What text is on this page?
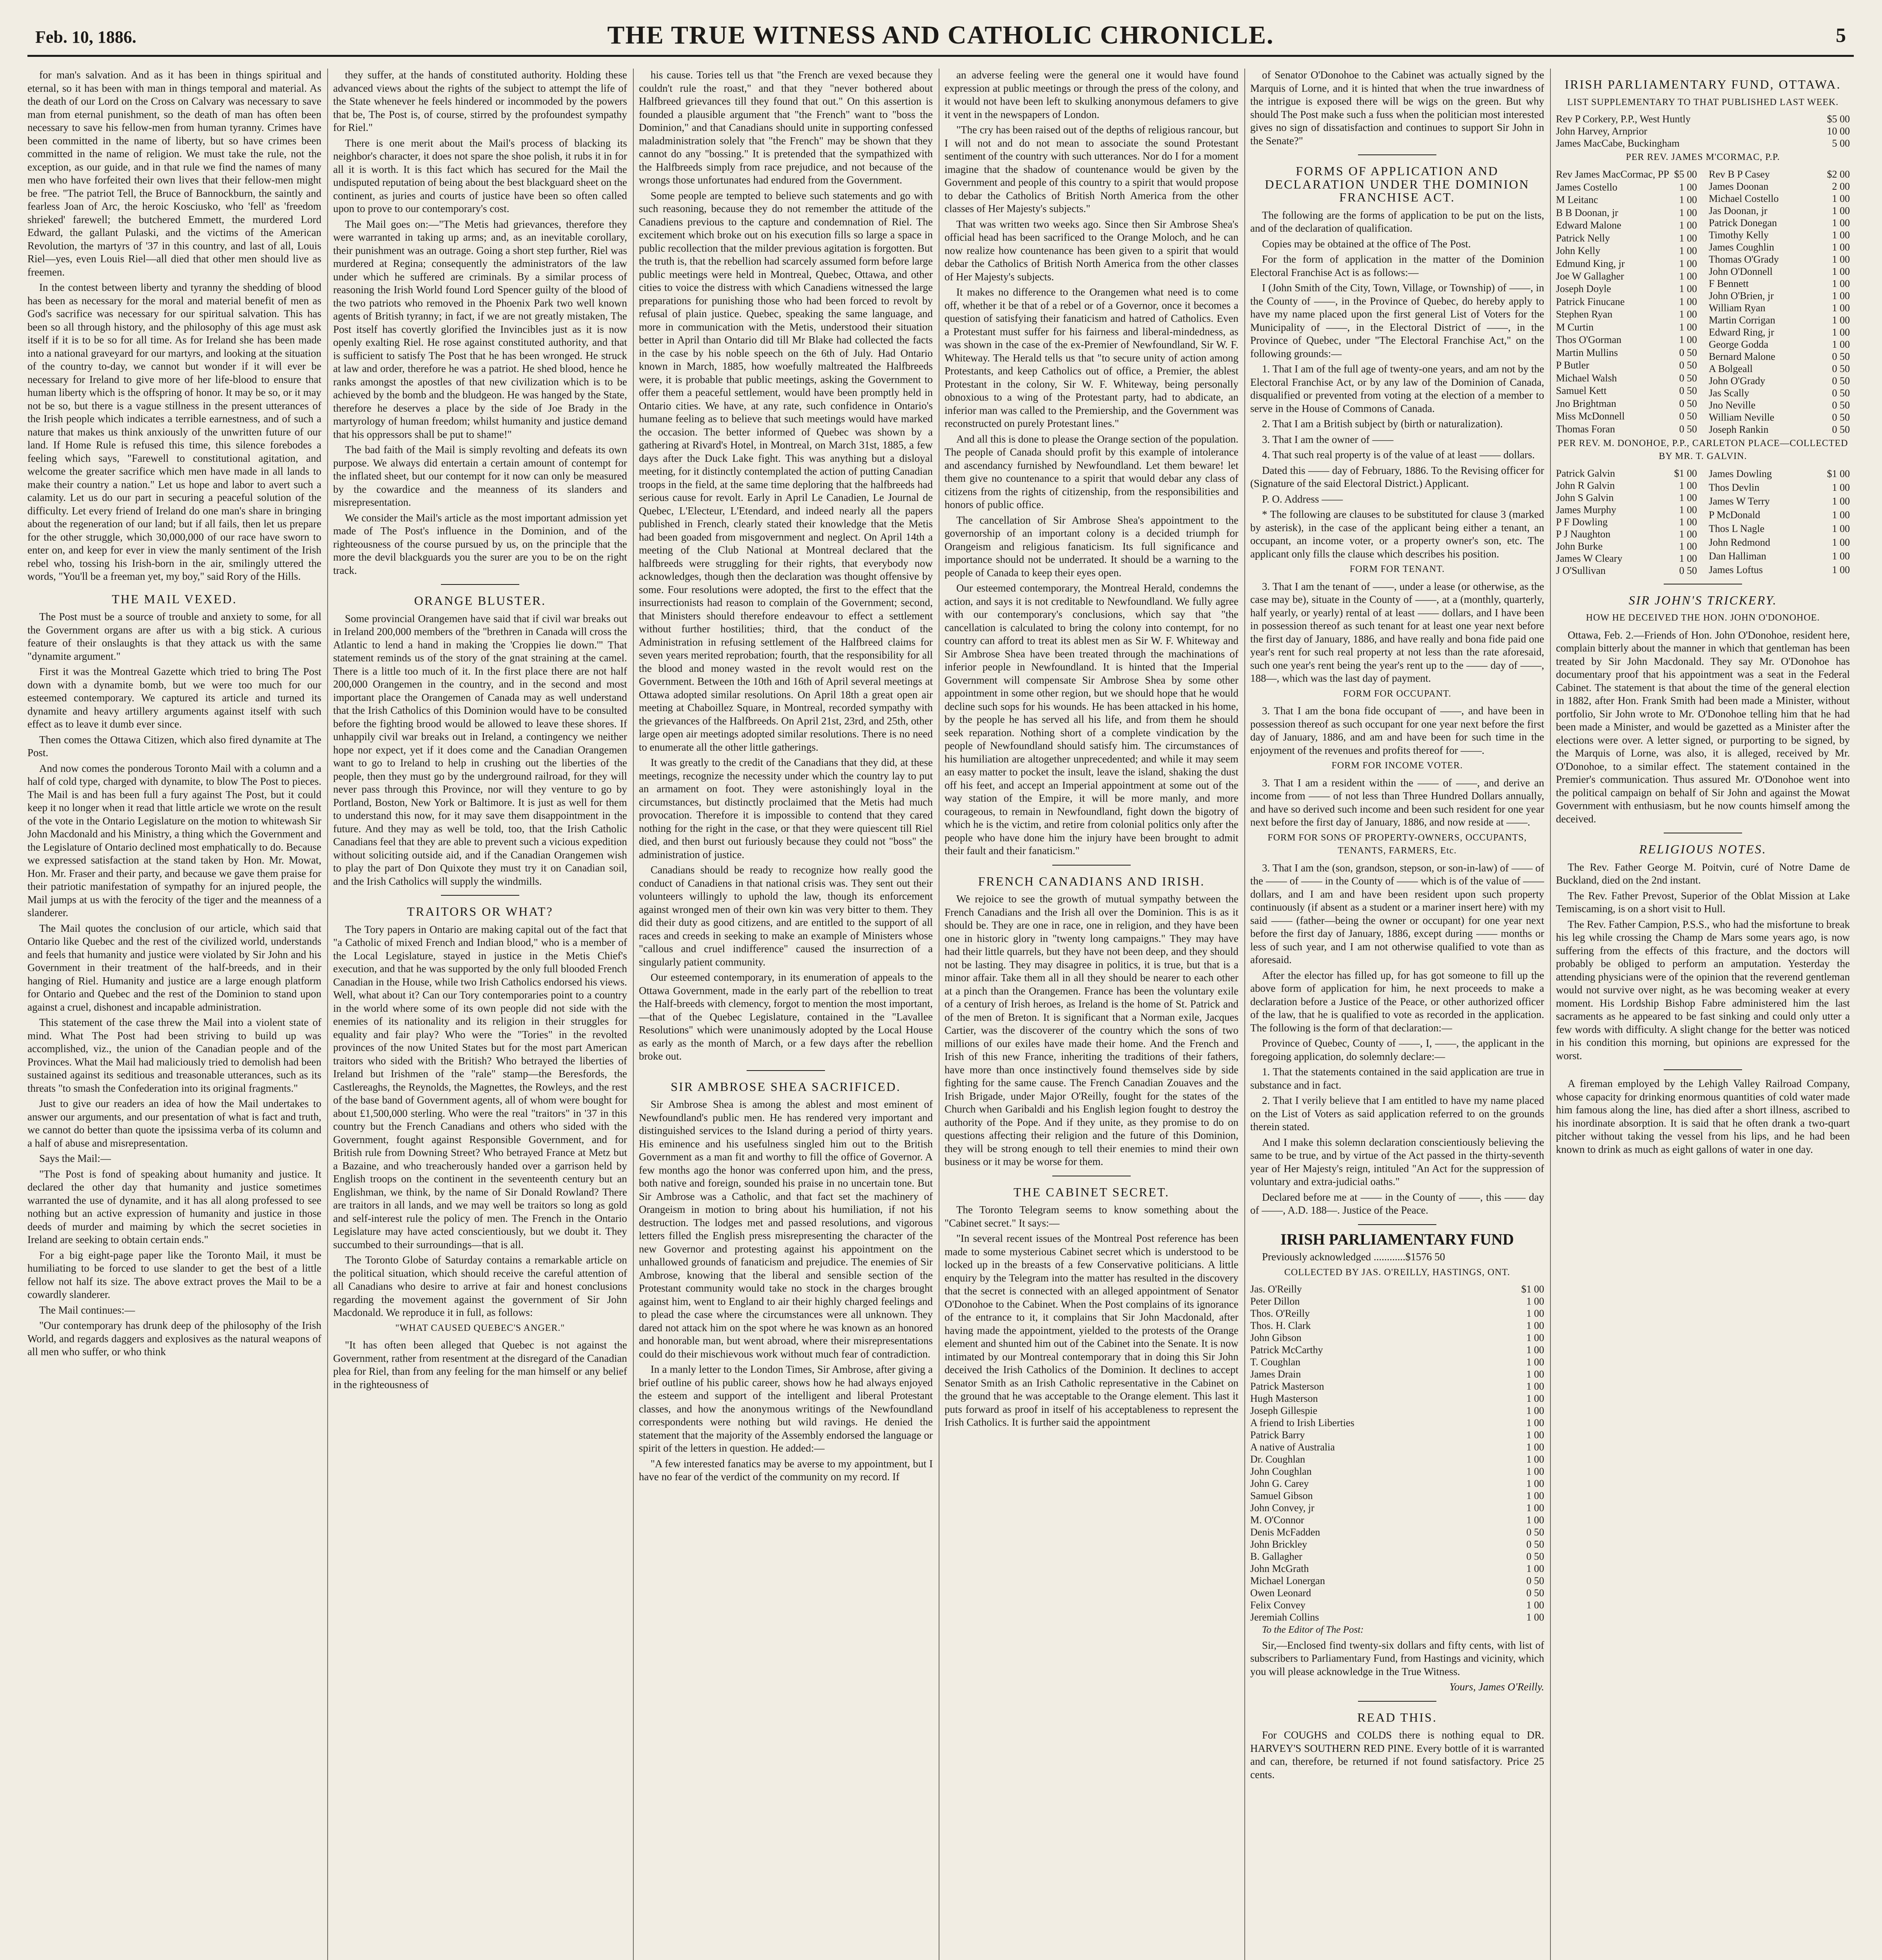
Feb. 10, 1886.	THE TRUE WITNESS AND CATHOLIC CHRONICLE.	5

for man's salvation. And as it has been in things spiritual and eternal, so it has been with man in things temporal and material. As the death of our Lord on the Cross on Calvary was necessary to save man from eternal punishment, so the death of man has often been necessary to save his fellow-men from human tyranny. Crimes have been committed in the name of liberty, but so have crimes been committed in the name of religion. We must take the rule, not the exception, as our guide, and in that rule we find the names of many men who have forfeited their own lives that their fellow-men might be free. "The patriot Tell, the Bruce of Bannockburn, the saintly and fearless Joan of Arc, the heroic Kosciusko, who 'fell' as 'freedom shrieked' farewell; the butchered Emmett, the murdered Lord Edward, the gallant Pulaski, and the victims of the American Revolution, the martyrs of '37 in this country, and last of all, Louis Riel—yes, even Louis Riel—all died that other men should live as freemen.

In the contest between liberty and tyranny the shedding of blood has been as necessary for the moral and material benefit of men as God's sacrifice was necessary for our spiritual salvation. This has been so all through history, and the philosophy of this age must ask itself if it is to be so for all time. As for Ireland she has been made into a national graveyard for our martyrs, and looking at the situation of the country to-day, we cannot but wonder if it will ever be necessary for Ireland to give more of her life-blood to ensure that human liberty which is the offspring of honor. It may be so, or it may not be so, but there is a vague stillness in the present utterances of the Irish people which indicates a terrible earnestness, and of such a nature that makes us think anxiously of the unwritten future of our land. If Home Rule is refused this time, this silence forebodes a feeling which says, "Farewell to constitutional agitation, and welcome the greater sacrifice which men have made in all lands to make their country a nation." Let us hope and labor to avert such a calamity. Let us do our part in securing a peaceful solution of the difficulty. Let every friend of Ireland do one man's share in bringing about the regeneration of our land; but if all fails, then let us prepare for the other struggle, which 30,000,000 of our race have sworn to enter on, and keep for ever in view the manly sentiment of the Irish rebel who, tossing his Irish-born in the air, smilingly uttered the words, "You'll be a freeman yet, my boy," said Rory of the Hills.

THE MAIL VEXED.

The Post must be a source of trouble and anxiety to some, for all the Government organs are after us with a big stick. A curious feature of their onslaughts is that they attack us with the same "dynamite argument."

First it was the Montreal Gazette which tried to bring The Post down with a dynamite bomb, but we were too much for our esteemed contemporary. We captured its article and turned its dynamite and heavy artillery arguments against itself with such effect as to leave it dumb ever since.

Then comes the Ottawa Citizen, which also fired dynamite at The Post.

And now comes the ponderous Toronto Mail with a column and a half of cold type, charged with dynamite, to blow The Post to pieces. The Mail is and has been full a fury against The Post, but it could keep it no longer when it read that little article we wrote on the result of the vote in the Ontario Legislature on the motion to whitewash Sir John Macdonald and his Ministry, a thing which the Government and the Legislature of Ontario declined most emphatically to do. Because we expressed satisfaction at the stand taken by Hon. Mr. Mowat, Hon. Mr. Fraser and their party, and because we gave them praise for their patriotic manifestation of sympathy for an injured people, the Mail jumps at us with the ferocity of the tiger and the meanness of a slanderer.

The Mail quotes the conclusion of our article, which said that Ontario like Quebec and the rest of the civilized world, understands and feels that humanity and justice were violated by Sir John and his Government in their treatment of the half-breeds, and in their hanging of Riel. Humanity and justice are a large enough platform for Ontario and Quebec and the rest of the Dominion to stand upon against a cruel, dishonest and incapable administration.

This statement of the case threw the Mail into a violent state of mind. What The Post had been striving to build up was accomplished, viz., the union of the Canadian people and of the Provinces. What the Mail had maliciously tried to demolish had been sustained against its seditious and treasonable utterances, such as its threats "to smash the Confederation into its original fragments."

Just to give our readers an idea of how the Mail undertakes to answer our arguments, and our presentation of what is fact and truth, we cannot do better than quote the ipsissima verba of its column and a half of abuse and misrepresentation.

Says the Mail:—

"The Post is fond of speaking about humanity and justice. It declared the other day that humanity and justice sometimes warranted the use of dynamite, and it has all along professed to see nothing but an active expression of humanity and justice in those deeds of murder and maiming by which the secret societies in Ireland are seeking to obtain certain ends."

For a big eight-page paper like the Toronto Mail, it must be humiliating to be forced to use slander to get the best of a little fellow not half its size. The above extract proves the Mail to be a cowardly slanderer.

The Mail continues:—

"Our contemporary has drunk deep of the philosophy of the Irish World, and regards daggers and explosives as the natural weapons of all men who suffer, or who think

they suffer, at the hands of constituted authority. Holding these advanced views about the rights of the subject to attempt the life of the State whenever he feels hindered or incommoded by the powers that be, The Post is, of course, stirred by the profoundest sympathy for Riel."

There is one merit about the Mail's process of blacking its neighbor's character, it does not spare the shoe polish, it rubs it in for all it is worth. It is this fact which has secured for the Mail the undisputed reputation of being about the best blackguard sheet on the continent, as juries and courts of justice have been so often called upon to prove to our contemporary's cost.

The Mail goes on:—"The Metis had grievances, therefore they were warranted in taking up arms; and, as an inevitable corollary, their punishment was an outrage. Going a short step further, Riel was murdered at Regina; consequently the administrators of the law under which he suffered are criminals. By a similar process of reasoning the Irish World found Lord Spencer guilty of the blood of the two patriots who removed in the Phoenix Park two well known agents of British tyranny; in fact, if we are not greatly mistaken, The Post itself has covertly glorified the Invincibles just as it is now openly exalting Riel. He rose against constituted authority, and that is sufficient to satisfy The Post that he has been wronged. He struck at law and order, therefore he was a patriot. He shed blood, hence he ranks amongst the apostles of that new civilization which is to be achieved by the bomb and the bludgeon. He was hanged by the State, therefore he deserves a place by the side of Joe Brady in the martyrology of human freedom; whilst humanity and justice demand that his oppressors shall be put to shame!"

The bad faith of the Mail is simply revolting and defeats its own purpose. We always did entertain a certain amount of contempt for the inflated sheet, but our contempt for it now can only be measured by the cowardice and the meanness of its slanders and misrepresentation.

We consider the Mail's article as the most important admission yet made of The Post's influence in the Dominion, and of the righteousness of the course pursued by us, on the principle that the more the devil blackguards you the surer are you to be on the right track.

ORANGE BLUSTER.

Some provincial Orangemen have said that if civil war breaks out in Ireland 200,000 members of the "brethren in Canada will cross the Atlantic to lend a hand in making the 'Croppies lie down.'" That statement reminds us of the story of the gnat straining at the camel. There is a little too much of it. In the first place there are not half 200,000 Orangemen in the country, and in the second and most important place the Orangemen of Canada may as well understand that the Irish Catholics of this Dominion would have to be consulted before the fighting brood would be allowed to leave these shores. If unhappily civil war breaks out in Ireland, a contingency we neither hope nor expect, yet if it does come and the Canadian Orangemen want to go to Ireland to help in crushing out the liberties of the people, then they must go by the underground railroad, for they will never pass through this Province, nor will they venture to go by Portland, Boston, New York or Baltimore. It is just as well for them to understand this now, for it may save them disappointment in the future. And they may as well be told, too, that the Irish Catholic Canadians feel that they are able to prevent such a vicious expedition without soliciting outside aid, and if the Canadian Orangemen wish to play the part of Don Quixote they must try it on Canadian soil, and the Irish Catholics will supply the windmills.

TRAITORS OR WHAT?

The Tory papers in Ontario are making capital out of the fact that "a Catholic of mixed French and Indian blood," who is a member of the Local Legislature, stayed in justice in the Metis Chief's execution, and that he was supported by the only full blooded French Canadian in the House, while two Irish Catholics endorsed his views. Well, what about it? Can our Tory contemporaries point to a country in the world where some of its own people did not side with the enemies of its nationality and its religion in their struggles for equality and fair play? Who were the "Tories" in the revolted provinces of the now United States but for the most part American traitors who sided with the British? Who betrayed the liberties of Ireland but Irishmen of the "rale" stamp—the Beresfords, the Castlereaghs, the Reynolds, the Magnettes, the Rowleys, and the rest of the base band of Government agents, all of whom were bought for about £1,500,000 sterling. Who were the real "traitors" in '37 in this country but the French Canadians and others who sided with the Government, fought against Responsible Government, and for British rule from Downing Street? Who betrayed France at Metz but a Bazaine, and who treacherously handed over a garrison held by English troops on the continent in the seventeenth century but an Englishman, we think, by the name of Sir Donald Rowland? There are traitors in all lands, and we may well be traitors so long as gold and self-interest rule the policy of men. The French in the Ontario Legislature may have acted conscientiously, but we doubt it. They succumbed to their surroundings—that is all.

The Toronto Globe of Saturday contains a remarkable article on the political situation, which should receive the careful attention of all Canadians who desire to arrive at fair and honest conclusions regarding the movement against the government of Sir John Macdonald. We reproduce it in full, as follows:

"WHAT CAUSED QUEBEC'S ANGER."

"It has often been alleged that Quebec is not against the Government, rather from resentment at the disregard of the Canadian plea for Riel, than from any feeling for the man himself or any belief in the righteousness of

his cause. Tories tell us that "the French are vexed because they couldn't rule the roast," and that they "never bothered about Halfbreed grievances till they found that out." On this assertion is founded a plausible argument that "the French" want to "boss the Dominion," and that Canadians should unite in supporting confessed maladministration solely that "the French" may be shown that they cannot do any "bossing." It is pretended that the sympathized with the Halfbreeds simply from race prejudice, and not because of the wrongs those unfortunates had endured from the Government.

Some people are tempted to believe such statements and go with such reasoning, because they do not remember the attitude of the Canadiens previous to the capture and condemnation of Riel. The excitement which broke out on his execution fills so large a space in public recollection that the milder previous agitation is forgotten. But the truth is, that the rebellion had scarcely assumed form before large public meetings were held in Montreal, Quebec, Ottawa, and other cities to voice the distress with which Canadiens witnessed the large preparations for punishing those who had been forced to revolt by refusal of plain justice. Quebec, speaking the same language, and more in communication with the Metis, understood their situation better in April than Ontario did till Mr Blake had collected the facts in the case by his noble speech on the 6th of July. Had Ontario known in March, 1885, how woefully maltreated the Halfbreeds were, it is probable that public meetings, asking the Government to offer them a peaceful settlement, would have been promptly held in Ontario cities. We have, at any rate, such confidence in Ontario's humane feeling as to believe that such meetings would have marked the occasion. The better informed of Quebec was shown by a gathering at Rivard's Hotel, in Montreal, on March 31st, 1885, a few days after the Duck Lake fight. This was anything but a disloyal meeting, for it distinctly contemplated the action of putting Canadian troops in the field, at the same time deploring that the halfbreeds had serious cause for revolt. Early in April Le Canadien, Le Journal de Quebec, L'Electeur, L'Etendard, and indeed nearly all the papers published in French, clearly stated their knowledge that the Metis had been goaded from misgovernment and neglect. On April 14th a meeting of the Club National at Montreal declared that the halfbreeds were struggling for their rights, that everybody now acknowledges, though then the declaration was thought offensive by some. Four resolutions were adopted, the first to the effect that the insurrectionists had reason to complain of the Government; second, that Ministers should therefore endeavour to effect a settlement without further hostilities; third, that the conduct of the Administration in refusing settlement of the Halfbreed claims for seven years merited reprobation; fourth, that the responsibility for all the blood and money wasted in the revolt would rest on the Government. Between the 10th and 16th of April several meetings at Ottawa adopted similar resolutions. On April 18th a great open air meeting at Chaboillez Square, in Montreal, recorded sympathy with the grievances of the Halfbreeds. On April 21st, 23rd, and 25th, other large open air meetings adopted similar resolutions. There is no need to enumerate all the other little gatherings.

It was greatly to the credit of the Canadians that they did, at these meetings, recognize the necessity under which the country lay to put an armament on foot. They were astonishingly loyal in the circumstances, but distinctly proclaimed that the Metis had much provocation. Therefore it is impossible to contend that they cared nothing for the right in the case, or that they were quiescent till Riel died, and then burst out furiously because they could not "boss" the administration of justice.

Canadians should be ready to recognize how really good the conduct of Canadiens in that national crisis was. They sent out their volunteers willingly to uphold the law, though its enforcement against wronged men of their own kin was very bitter to them. They did their duty as good citizens, and are entitled to the support of all races and creeds in seeking to make an example of Ministers whose "callous and cruel indifference" caused the insurrection of a singularly patient community.

Our esteemed contemporary, in its enumeration of appeals to the Ottawa Government, made in the early part of the rebellion to treat the Half-breeds with clemency, forgot to mention the most important,—that of the Quebec Legislature, contained in the "Lavallee Resolutions" which were unanimously adopted by the Local House as early as the month of March, or a few days after the rebellion broke out.

SIR AMBROSE SHEA SACRIFICED.

Sir Ambrose Shea is among the ablest and most eminent of Newfoundland's public men. He has rendered very important and distinguished services to the Island during a period of thirty years. His eminence and his usefulness singled him out to the British Government as a man fit and worthy to fill the office of Governor. A few months ago the honor was conferred upon him, and the press, both native and foreign, sounded his praise in no uncertain tone. But Sir Ambrose was a Catholic, and that fact set the machinery of Orangeism in motion to bring about his humiliation, if not his destruction. The lodges met and passed resolutions, and vigorous letters filled the English press misrepresenting the character of the new Governor and protesting against his appointment on the unhallowed grounds of fanaticism and prejudice. The enemies of Sir Ambrose, knowing that the liberal and sensible section of the Protestant community would take no stock in the charges brought against him, went to England to air their highly charged feelings and to plead the case where the circumstances were all unknown. They dared not attack him on the spot where he was known as an honored and honorable man, but went abroad, where their misrepresentations could do their mischievous work without much fear of contradiction.

In a manly letter to the London Times, Sir Ambrose, after giving a brief outline of his public career, shows how he had always enjoyed the esteem and support of the intelligent and liberal Protestant classes, and how the anonymous writings of the Newfoundland correspondents were nothing but wild ravings. He denied the statement that the majority of the Assembly endorsed the language or spirit of the letters in question. He added:—

"A few interested fanatics may be averse to my appointment, but I have no fear of the verdict of the community on my record. If

an adverse feeling were the general one it would have found expression at public meetings or through the press of the colony, and it would not have been left to skulking anonymous defamers to give it vent in the newspapers of London.

"The cry has been raised out of the depths of religious rancour, but I will not and do not mean to associate the sound Protestant sentiment of the country with such utterances. Nor do I for a moment imagine that the shadow of countenance would be given by the Government and people of this country to a spirit that would propose to debar the Catholics of British North America from the other classes of Her Majesty's subjects."

That was written two weeks ago. Since then Sir Ambrose Shea's official head has been sacrificed to the Orange Moloch, and he can now realize how countenance has been given to a spirit that would debar the Catholics of British North America from the other classes of Her Majesty's subjects.

It makes no difference to the Orangemen what need is to come off, whether it be that of a rebel or of a Governor, once it becomes a question of satisfying their fanaticism and hatred of Catholics. Even a Protestant must suffer for his fairness and liberal-mindedness, as was shown in the case of the ex-Premier of Newfoundland, Sir W. F. Whiteway. The Herald tells us that "to secure unity of action among Protestants, and keep Catholics out of office, a Premier, the ablest Protestant in the colony, Sir W. F. Whiteway, being personally obnoxious to a wing of the Protestant party, had to abdicate, an inferior man was called to the Premiership, and the Government was reconstructed on purely Protestant lines."

And all this is done to please the Orange section of the population. The people of Canada should profit by this example of intolerance and ascendancy furnished by Newfoundland. Let them beware! let them give no countenance to a spirit that would debar any class of citizens from the rights of citizenship, from the responsibilities and honors of public office.

The cancellation of Sir Ambrose Shea's appointment to the governorship of an important colony is a decided triumph for Orangeism and religious fanaticism. Its full significance and importance should not be underrated. It should be a warning to the people of Canada to keep their eyes open.

Our esteemed contemporary, the Montreal Herald, condemns the action, and says it is not creditable to Newfoundland. We fully agree with our contemporary's conclusions, which say that "the cancellation is calculated to bring the colony into contempt, for no country can afford to treat its ablest men as Sir W. F. Whiteway and Sir Ambrose Shea have been treated through the machinations of inferior people in Newfoundland. It is hinted that the Imperial Government will compensate Sir Ambrose Shea by some other appointment in some other region, but we should hope that he would decline such sops for his wounds. He has been attacked in his home, by the people he has served all his life, and from them he should seek reparation. Nothing short of a complete vindication by the people of Newfoundland should satisfy him. The circumstances of his humiliation are altogether unprecedented; and while it may seem an easy matter to pocket the insult, leave the island, shaking the dust off his feet, and accept an Imperial appointment at some out of the way station of the Empire, it will be more manly, and more courageous, to remain in Newfoundland, fight down the bigotry of which he is the victim, and retire from colonial politics only after the people who have done him the injury have been brought to admit their fault and their fanaticism."

FRENCH CANADIANS AND IRISH.

We rejoice to see the growth of mutual sympathy between the French Canadians and the Irish all over the Dominion. This is as it should be. They are one in race, one in religion, and they have been one in historic glory in "twenty long campaigns." They may have had their little quarrels, but they have not been deep, and they should not be lasting. They may disagree in politics, it is true, but that is a minor affair. Take them all in all they should be nearer to each other at a pinch than the Orangemen. France has been the voluntary exile of a century of Irish heroes, as Ireland is the home of St. Patrick and of the men of Breton. It is significant that a Norman exile, Jacques Cartier, was the discoverer of the country which the sons of two millions of our exiles have made their home. And the French and Irish of this new France, inheriting the traditions of their fathers, have more than once instinctively found themselves side by side fighting for the same cause. The French Canadian Zouaves and the Irish Brigade, under Major O'Reilly, fought for the states of the Church when Garibaldi and his English legion fought to destroy the authority of the Pope. And if they unite, as they promise to do on questions affecting their religion and the future of this Dominion, they will be strong enough to tell their enemies to mind their own business or it may be worse for them.

THE CABINET SECRET.

The Toronto Telegram seems to know something about the "Cabinet secret." It says:—

"In several recent issues of the Montreal Post reference has been made to some mysterious Cabinet secret which is understood to be locked up in the breasts of a few Conservative politicians. A little enquiry by the Telegram into the matter has resulted in the discovery that the secret is connected with an alleged appointment of Senator O'Donohoe to the Cabinet. When the Post complains of its ignorance of the entrance to it, it complains that Sir John Macdonald, after having made the appointment, yielded to the protests of the Orange element and shunted him out of the Cabinet into the Senate. It is now intimated by our Montreal contemporary that in doing this Sir John deceived the Irish Catholics of the Dominion. It declines to accept Senator Smith as an Irish Catholic representative in the Cabinet on the ground that he was acceptable to the Orange element. This last it puts forward as proof in itself of his acceptableness to represent the Irish Catholics. It is further said the appointment

of Senator O'Donohoe to the Cabinet was actually signed by the Marquis of Lorne, and it is hinted that when the true inwardness of the intrigue is exposed there will be wigs on the green. But why should The Post make such a fuss when the politician most interested gives no sign of dissatisfaction and continues to support Sir John in the Senate?"

FORMS OF APPLICATION AND DECLARATION UNDER THE DOMINION FRANCHISE ACT.

The following are the forms of application to be put on the lists, and of the declaration of qualification.

Copies may be obtained at the office of The Post.

For the form of application in the matter of the Dominion Electoral Franchise Act is as follows:—

I (John Smith of the City, Town, Village, or Township) of ——, in the County of ——, in the Province of Quebec, do hereby apply to have my name placed upon the first general List of Voters for the Municipality of ——, in the Electoral District of ——, in the Province of Quebec, under "The Electoral Franchise Act," on the following grounds:—

1. That I am of the full age of twenty-one years, and am not by the Electoral Franchise Act, or by any law of the Dominion of Canada, disqualified or prevented from voting at the election of a member to serve in the House of Commons of Canada.

2. That I am a British subject by (birth or naturalization).

3. That I am the owner of ——

4. That such real property is of the value of at least —— dollars.

Dated this —— day of February, 1886. To the Revising officer for (Signature of the said Electoral District.) Applicant.

P. O. Address ——

* The following are clauses to be substituted for clause 3 (marked by asterisk), in the case of the applicant being either a tenant, an occupant, an income voter, or a property owner's son, etc. The applicant only fills the clause which describes his position.

FORM FOR TENANT.

3. That I am the tenant of ——, under a lease (or otherwise, as the case may be), situate in the County of ——, at a (monthly, quarterly, half yearly, or yearly) rental of at least —— dollars, and I have been in possession thereof as such tenant for at least one year next before the first day of January, 1886, and have really and bona fide paid one year's rent for such real property at not less than the rate aforesaid, such one year's rent being the year's rent up to the —— day of ——, 188—, which was the last day of payment.

FORM FOR OCCUPANT.

3. That I am the bona fide occupant of ——, and have been in possession thereof as such occupant for one year next before the first day of January, 1886, and am and have been for such time in the enjoyment of the revenues and profits thereof for ——.

FORM FOR INCOME VOTER.

3. That I am a resident within the —— of ——, and derive an income from —— of not less than Three Hundred Dollars annually, and have so derived such income and been such resident for one year next before the first day of January, 1886, and now reside at ——.

FORM FOR SONS OF PROPERTY-OWNERS, OCCUPANTS, TENANTS, FARMERS, Etc.

3. That I am the (son, grandson, stepson, or son-in-law) of —— of the —— of —— in the County of —— which is of the value of —— dollars, and I am and have been resident upon such property continuously (if absent as a student or a mariner insert here) with my said —— (father—being the owner or occupant) for one year next before the first day of January, 1886, except during —— months or less of such year, and I am not otherwise qualified to vote than as aforesaid.

After the elector has filled up, for has got someone to fill up the above form of application for him, he next proceeds to make a declaration before a Justice of the Peace, or other authorized officer of the law, that he is qualified to vote as recorded in the application. The following is the form of that declaration:—

Province of Quebec, County of ——, I, ——, the applicant in the foregoing application, do solemnly declare:—

1. That the statements contained in the said application are true in substance and in fact.

2. That I verily believe that I am entitled to have my name placed on the List of Voters as said application referred to on the grounds therein stated.

And I make this solemn declaration conscientiously believing the same to be true, and by virtue of the Act passed in the thirty-seventh year of Her Majesty's reign, intituled "An Act for the suppression of voluntary and extra-judicial oaths."

Declared before me at —— in the County of ——, this —— day of ——, A.D. 188—. Justice of the Peace.

IRISH PARLIAMENTARY FUND

Previously acknowledged ............$1576 50

COLLECTED BY JAS. O'REILLY, HASTINGS, ONT.
Jas. O'Reilly	$1 00
Peter Dillon	1 00
Thos. O'Reilly	1 00
Thos. H. Clark	1 00
John Gibson	1 00
Patrick McCarthy	1 00
T. Coughlan	1 00
James Drain	1 00
Patrick Masterson	1 00
Hugh Masterson	1 00
Joseph Gillespie	1 00
A friend to Irish Liberties	1 00
Patrick Barry	1 00
A native of Australia	1 00
Dr. Coughlan	1 00
John Coughlan	1 00
John G. Carey	1 00
Samuel Gibson	1 00
John Convey, jr	1 00
M. O'Connor	1 00
Denis McFadden	0 50
John Brickley	0 50
B. Gallagher	0 50
John McGrath	1 00
Michael Lonergan	0 50
Owen Leonard	0 50
Felix Convey	1 00
Jeremiah Collins	1 00

To the Editor of The Post:

Sir,—Enclosed find twenty-six dollars and fifty cents, with list of subscribers to Parliamentary Fund, from Hastings and vicinity, which you will please acknowledge in the True Witness.

Yours, James O'Reilly.

READ THIS.

For COUGHS and COLDS there is nothing equal to DR. HARVEY'S SOUTHERN RED PINE. Every bottle of it is warranted and can, therefore, be returned if not found satisfactory. Price 25 cents.

IRISH PARLIAMENTARY FUND, OTTAWA.
LIST SUPPLEMENTARY TO THAT PUBLISHED LAST WEEK.
Rev P Corkery, P.P., West Huntly	$5 00
John Harvey, Arnprior	10 00
James MacCabe, Buckingham	5 00
PER REV. JAMES M'CORMAC, P.P.
Rev James MacCormac, PP	$5 00
James Costello	1 00
M Leitanc	1 00
B B Doonan, jr	1 00
Edward Malone	1 00
Patrick Nelly	1 00
John Kelly	1 00
Edmund King, jr	1 00
Joe W Gallagher	1 00
Joseph Doyle	1 00
Patrick Finucane	1 00
Stephen Ryan	1 00
M Curtin	1 00
Thos O'Gorman	1 00
Martin Mullins	0 50
P Butler	0 50
Michael Walsh	0 50
Samuel Kett	0 50
Jno Brightman	0 50
Miss McDonnell	0 50
Thomas Foran	0 50
Rev B P Casey	$2 00
James Doonan	2 00
Michael Costello	1 00
Jas Doonan, jr	1 00
Patrick Donegan	1 00
Timothy Kelly	1 00
James Coughlin	1 00
Thomas O'Grady	1 00
John O'Donnell	1 00
F Bennett	1 00
John O'Brien, jr	1 00
William Ryan	1 00
Martin Corrigan	1 00
Edward Ring, jr	1 00
George Godda	1 00
Bernard Malone	0 50
A Bolgeall	0 50
John O'Grady	0 50
Jas Scally	0 50
Jno Neville	0 50
William Neville	0 50
Joseph Rankin	0 50
PER REV. M. DONOHOE, P.P., CARLETON PLACE—COLLECTED BY MR. T. GALVIN.
Patrick Galvin	$1 00
John R Galvin	1 00
John S Galvin	1 00
James Murphy	1 00
P F Dowling	1 00
P J Naughton	1 00
John Burke	1 00
James W Cleary	1 00
J O'Sullivan	0 50
James Dowling	$1 00
Thos Devlin	1 00
James W Terry	1 00
P McDonald	1 00
Thos L Nagle	1 00
John Redmond	1 00
Dan Halliman	1 00
James Loftus	1 00
SIR JOHN'S TRICKERY.
HOW HE DECEIVED THE HON. JOHN O'DONOHOE.

Ottawa, Feb. 2.—Friends of Hon. John O'Donohoe, resident here, complain bitterly about the manner in which that gentleman has been treated by Sir John Macdonald. They say Mr. O'Donohoe has documentary proof that his appointment was a seat in the Federal Cabinet. The statement is that about the time of the general election in 1882, after Hon. Frank Smith had been made a Minister, without portfolio, Sir John wrote to Mr. O'Donohoe telling him that he had been made a Minister, and would be gazetted as a Minister after the elections were over. A letter signed, or purporting to be signed, by the Marquis of Lorne, was also, it is alleged, received by Mr. O'Donohoe, to a similar effect. The statement contained in the Premier's communication. Thus assured Mr. O'Donohoe went into the political campaign on behalf of Sir John and against the Mowat Government with enthusiasm, but he now counts himself among the deceived.

RELIGIOUS NOTES.

The Rev. Father George M. Poitvin, curé of Notre Dame de Buckland, died on the 2nd instant.

The Rev. Father Prevost, Superior of the Oblat Mission at Lake Temiscaming, is on a short visit to Hull.

The Rev. Father Campion, P.S.S., who had the misfortune to break his leg while crossing the Champ de Mars some years ago, is now suffering from the effects of this fracture, and the doctors will probably be obliged to perform an amputation. Yesterday the attending physicians were of the opinion that the reverend gentleman would not survive over night, as he was becoming weaker at every moment. His Lordship Bishop Fabre administered him the last sacraments as he appeared to be fast sinking and could only utter a few words with difficulty. A slight change for the better was noticed in his condition this morning, but opinions are expressed for the worst.

A fireman employed by the Lehigh Valley Railroad Company, whose capacity for drinking enormous quantities of cold water made him famous along the line, has died after a short illness, ascribed to his inordinate absorption. It is said that he often drank a two-quart pitcher without taking the vessel from his lips, and he had been known to drink as much as eight gallons of water in one day.
